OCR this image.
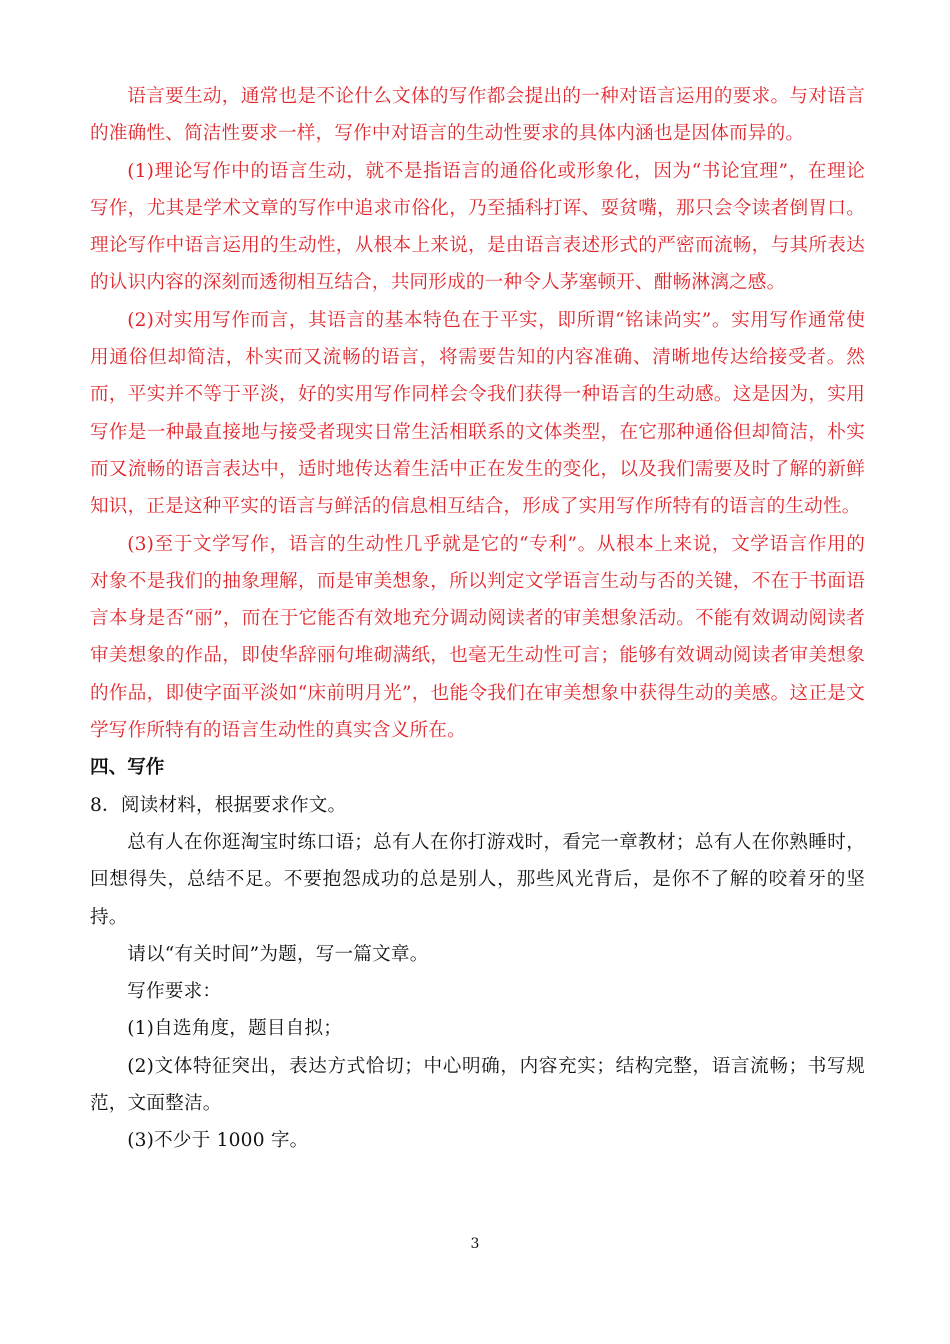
语言要生动，通常也是不论什么文体的写作都会提出的一种对语言运用的要求。与对语言的准确性、简洁性要求一样，写作中对语言的生动性要求的具体内涵也是因体而异的。

(1)理论写作中的语言生动，就不是指语言的通俗化或形象化，因为“书论宜理”，在理论写作，尤其是学术文章的写作中追求市俗化，乃至插科打诨、耍贫嘴，那只会令读者倒胃口。理论写作中语言运用的生动性，从根本上来说，是由语言表述形式的严密而流畅，与其所表达的认识内容的深刻而透彻相互结合，共同形成的一种令人茅塞顿开、酣畅淋漓之感。

(2)对实用写作而言，其语言的基本特色在于平实，即所谓“铭诔尚实”。实用写作通常使用通俗但却简洁，朴实而又流畅的语言，将需要告知的内容准确、清晰地传达给接受者。然而，平实并不等于平淡，好的实用写作同样会令我们获得一种语言的生动感。这是因为，实用写作是一种最直接地与接受者现实日常生活相联系的文体类型，在它那种通俗但却简洁，朴实而又流畅的语言表达中，适时地传达着生活中正在发生的变化，以及我们需要及时了解的新鲜知识，正是这种平实的语言与鲜活的信息相互结合，形成了实用写作所特有的语言的生动性。

(3)至于文学写作，语言的生动性几乎就是它的“专利”。从根本上来说，文学语言作用的对象不是我们的抽象理解，而是审美想象，所以判定文学语言生动与否的关键，不在于书面语言本身是否“丽”，而在于它能否有效地充分调动阅读者的审美想象活动。不能有效调动阅读者审美想象的作品，即使华辞丽句堆砌满纸，也毫无生动性可言；能够有效调动阅读者审美想象的作品，即使字面平淡如“床前明月光”，也能令我们在审美想象中获得生动的美感。这正是文学写作所特有的语言生动性的真实含义所在。

四、写作

8．阅读材料，根据要求作文。

总有人在你逛淘宝时练口语；总有人在你打游戏时，看完一章教材；总有人在你熟睡时，回想得失，总结不足。不要抱怨成功的总是别人，那些风光背后，是你不了解的咬着牙的坚持。

请以“有关时间”为题，写一篇文章。

写作要求：

(1)自选角度，题目自拟；

(2)文体特征突出，表达方式恰切；中心明确，内容充实；结构完整，语言流畅；书写规范，文面整洁。

(3)不少于 1000 字。

3
